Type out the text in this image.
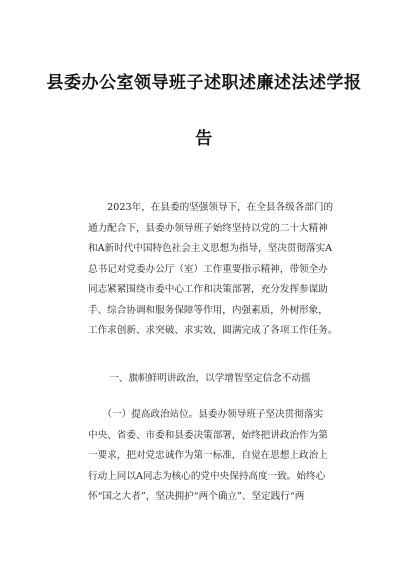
县委办公室领导班子述职述廉述法述学报
告
　　2023年，在县委的坚强领导下，在全县各级各部门的
通力配合下，县委办领导班子始终坚持以党的二十大精神
和A新时代中国特色社会主义思想为指导，坚决贯彻落实A
总书记对党委办公厅（室）工作重要指示精神，带领全办
同志紧紧围绕市委中心工作和决策部署，充分发挥参谋助
手、综合协调和服务保障等作用，内强素质，外树形象，
工作求创新、求突破、求实效，圆满完成了各项工作任务。
　　一、旗帜鲜明讲政治，以学增智坚定信念不动摇
　　（一）提高政治站位。县委办领导班子坚决贯彻落实
中央、省委、市委和县委决策部署，始终把讲政治作为第
一要求，把对党忠诚作为第一标准，自觉在思想上政治上
行动上同以A同志为核心的党中央保持高度一致。始终心
怀“国之大者”，坚决拥护“两个确立”、坚定践行“两
